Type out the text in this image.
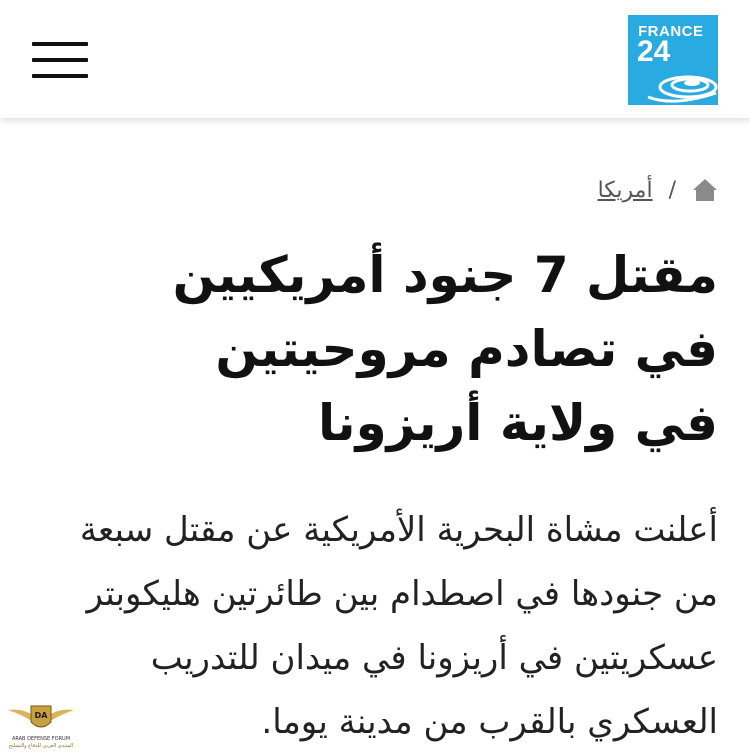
FRANCE
24
أمريكا /
مقتل 7 جنود أمريكيين في تصادم مروحيتين في ولاية أريزونا

أعلنت مشاة البحرية الأمريكية عن مقتل سبعة من جنودها في اصطدام بين طائرتين هليكوبتر عسكريتين في أريزونا في ميدان للتدريب العسكري بالقرب من مدينة يوما.

DA
ARAB DEFENSE FORUM
المنتدى العربي للدفاع والتسليح
